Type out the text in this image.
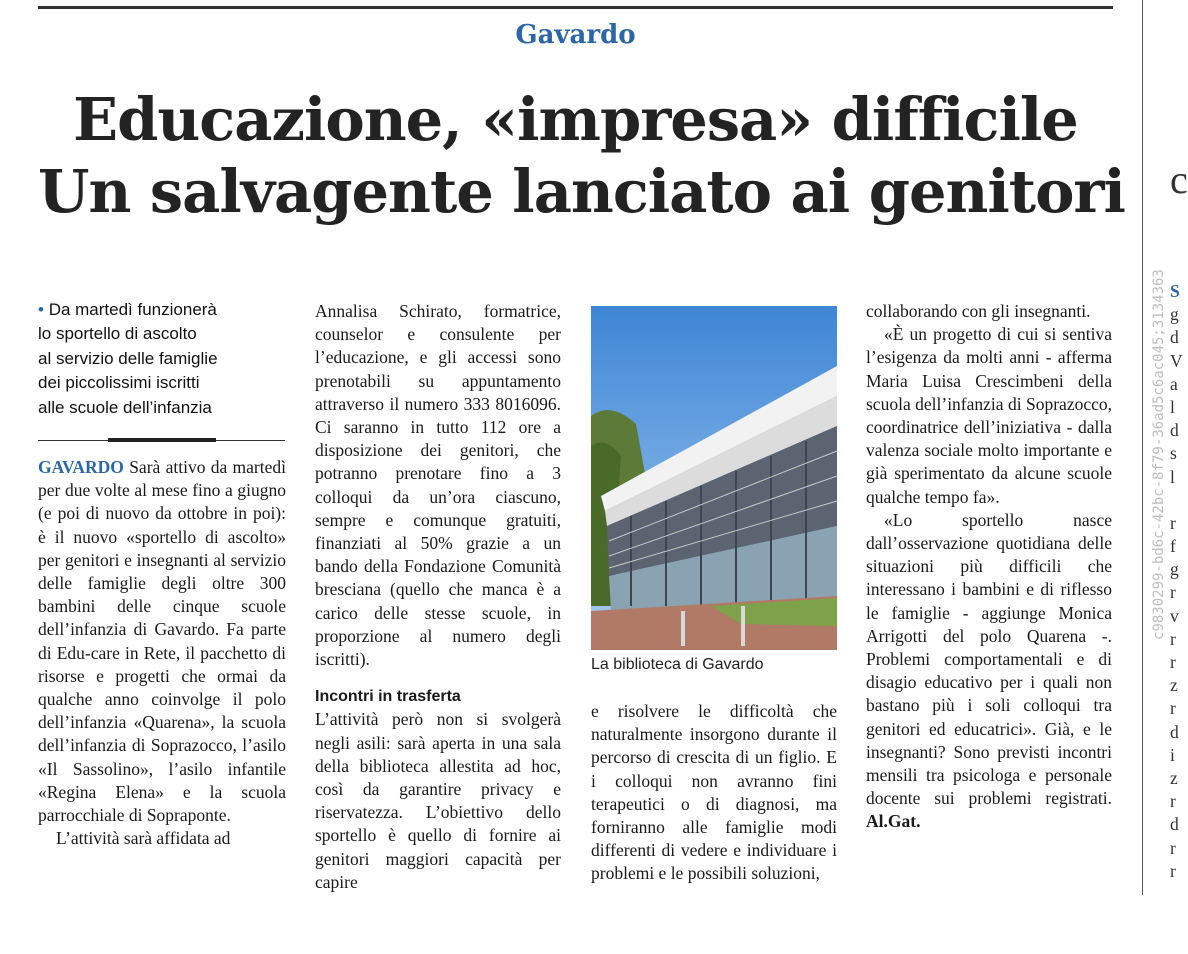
Gavardo
Educazione, «impresa» difficile
Un salvagente lanciato ai genitori
• Da martedì funzionerà
lo sportello di ascolto
al servizio delle famiglie
dei piccolissimi iscritti
alle scuole dell’infanzia

GAVARDO Sarà attivo da martedì per due volte al mese fino a giugno (e poi di nuovo da ottobre in poi): è il nuovo «sportello di ascolto» per genitori e insegnanti al servizio delle famiglie degli oltre 300 bambini delle cinque scuole dell’infanzia di Gavardo. Fa parte di Edu-care in Rete, il pacchetto di risorse e progetti che ormai da qualche anno coinvolge il polo dell’infanzia «Quarena», la scuola dell’infanzia di Soprazocco, l’asilo «Il Sassolino», l’asilo infantile «Regina Elena» e la scuola parrocchiale di Sopraponte.

L’attività sarà affidata ad

Annalisa Schirato, formatrice, counselor e consulente per l’educazione, e gli accessi sono prenotabili su appuntamento attraverso il numero 333 8016096. Ci saranno in tutto 112 ore a disposizione dei genitori, che potranno prenotare fino a 3 colloqui da un’ora ciascuno, sempre e comunque gratuiti, finanziati al 50% grazie a un bando della Fondazione Comunità bresciana (quello che manca è a carico delle stesse scuole, in proporzione al numero degli iscritti).

Incontri in trasferta

L’attività però non si svolgerà negli asili: sarà aperta in una sala della biblioteca allestita ad hoc, così da garantire privacy e riservatezza. L’obiettivo dello sportello è quello di fornire ai genitori maggiori capacità per capire

La biblioteca di Gavardo

e risolvere le difficoltà che naturalmente insorgono durante il percorso di crescita di un figlio. E i colloqui non avranno fini terapeutici o di diagnosi, ma forniranno alle famiglie modi differenti di vedere e individuare i problemi e le possibili soluzioni,

collaborando con gli insegnanti.

«È un progetto di cui si sentiva l’esigenza da molti anni - afferma Maria Luisa Crescimbeni della scuola dell’infanzia di Soprazocco, coordinatrice dell’iniziativa - dalla valenza sociale molto importante e già sperimentato da alcune scuole qualche tempo fa».

«Lo sportello nasce dall’osservazione quotidiana delle situazioni più difficili che interessano i bambini e di riflesso le famiglie - aggiunge Monica Arrigotti del polo Quarena -. Problemi comportamentali e di disagio educativo per i quali non bastano più i soli colloqui tra genitori ed educatrici». Già, e le insegnanti? Sono previsti incontri mensili tra psicologa e personale docente sui problemi registrati. Al.Gat.

c9830299-bd6c-42bc-8f79-36ad5c6ac045;3134363
c
S
g
d
V
a
l
d
s
l
r
f
g
r
v
r
r
z
r
d
i
z
r
d
r
r
